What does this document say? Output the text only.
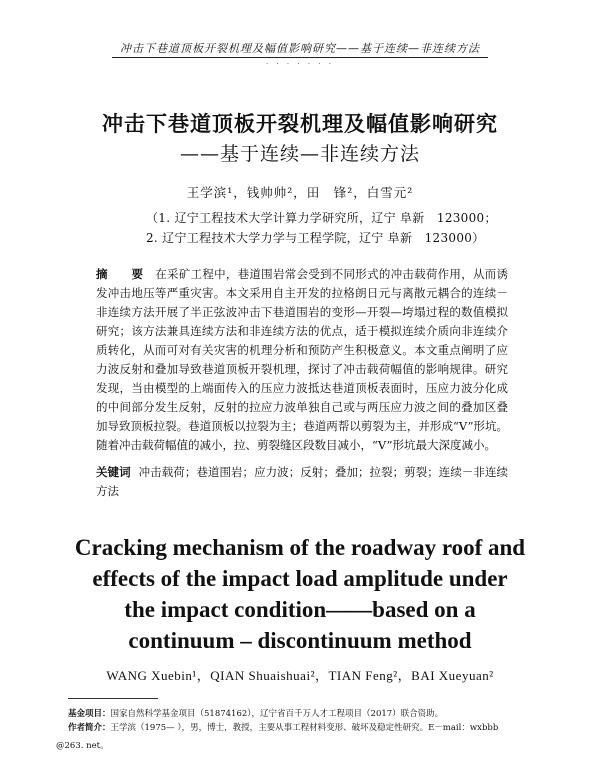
冲击下巷道顶板开裂机理及幅值影响研究——基于连续—非连续方法
· · · · · · ·
冲击下巷道顶板开裂机理及幅值影响研究
——基于连续—非连续方法
王学滨¹，钱帅帅²，田　锋²，白雪元²
（1. 辽宁工程技术大学计算力学研究所，辽宁 阜新　123000；
2. 辽宁工程技术大学力学与工程学院，辽宁 阜新　123000）
摘　要 在采矿工程中，巷道围岩常会受到不同形式的冲击载荷作用，从而诱发冲击地压等严重灾害。本文采用自主开发的拉格朗日元与离散元耦合的连续－非连续方法开展了半正弦波冲击下巷道围岩的变形—开裂—垮塌过程的数值模拟研究；该方法兼具连续方法和非连续方法的优点，适于模拟连续介质向非连续介质转化，从而可对有关灾害的机理分析和预防产生积极意义。本文重点阐明了应力波反射和叠加导致巷道顶板开裂机理，探讨了冲击载荷幅值的影响规律。研究发现，当由模型的上端面传入的压应力波抵达巷道顶板表面时，压应力波分化成的中间部分发生反射，反射的拉应力波单独自己或与两压应力波之间的叠加区叠加导致顶板拉裂。巷道顶板以拉裂为主；巷道两帮以剪裂为主，并形成“V”形坑。随着冲击载荷幅值的减小，拉、剪裂缝区段数目减小，“V”形坑最大深度减小。
关键词 冲击载荷；巷道围岩；应力波；反射；叠加；拉裂；剪裂；连续－非连续方法
Cracking mechanism of the roadway roof and
effects of the impact load amplitude under
the impact condition——based on a
continuum – discontinuum method
WANG Xuebin¹，QIAN Shuaishuai²，TIAN Feng²，BAI Xueyuan²
基金项目：国家自然科学基金项目（51874162），辽宁省百千万人才工程项目（2017）联合资助。
作者简介：王学滨（1975— ），男，博士，教授，主要从事工程材料变形、破坏及稳定性研究。E－mail：wxbbb
@263. net。
